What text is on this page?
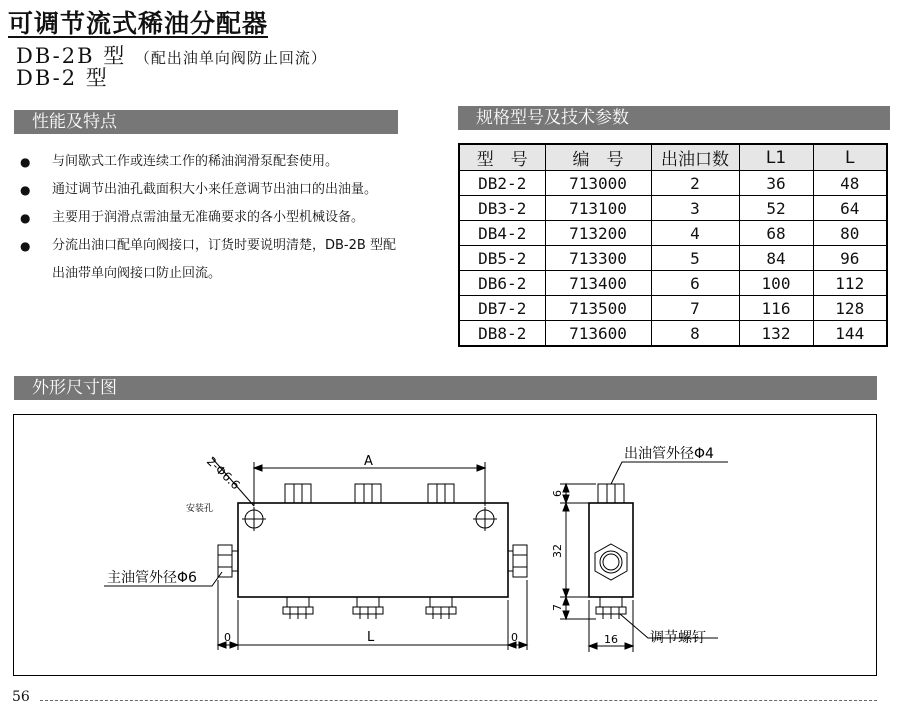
可调节流式稀油分配器
DB-2B 型 （配出油单向阀防止回流）
DB-2 型
性能及特点
● 与间歇式工作或连续工作的稀油润滑泵配套使用。
● 通过调节出油孔截面积大小来任意调节出油口的出油量。
● 主要用于润滑点需油量无准确要求的各小型机械设备。
● 分流出油口配单向阀接口，订货时要说明清楚，DB-2B 型配出油带单向阀接口防止回流。
规格型号及技术参数
型　号	编　号	出油口数	L1	L
DB2-2	713000	2	36	48
DB3-2	713100	3	52	64
DB4-2	713200	4	68	80
DB5-2	713300	5	84	96
DB6-2	713400	6	100	112
DB7-2	713500	7	116	128
DB8-2	713600	8	132	144
外形尺寸图
A
2-Φ6.6
安装孔
主油管外径Φ6
L
0	0
出油管外径Φ4
6
32
7
16 调节螺钉
56
